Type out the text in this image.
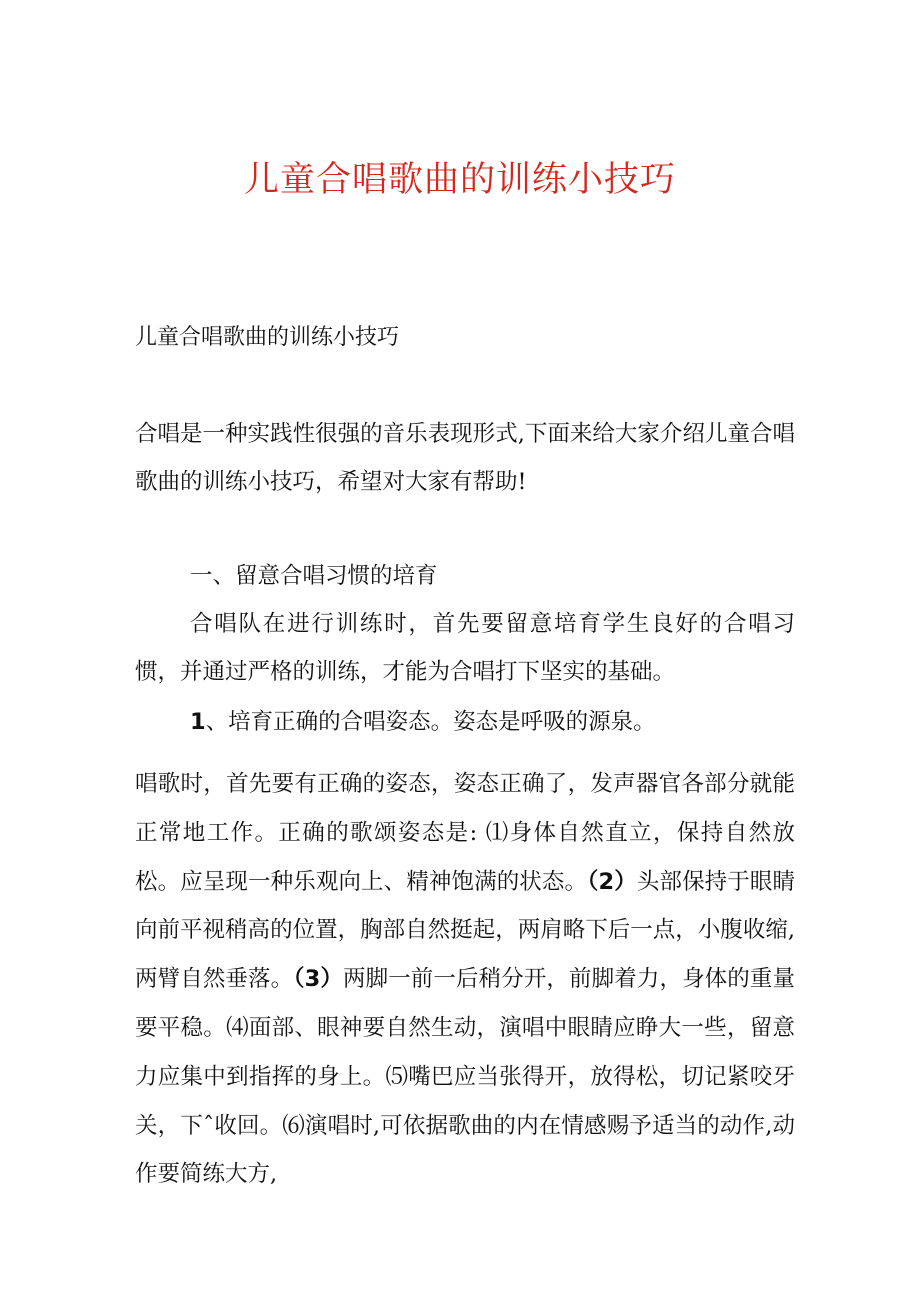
儿童合唱歌曲的训练小技巧

儿童合唱歌曲的训练小技巧

合唱是一种实践性很强的音乐表现形式,下面来给大家介绍儿童合唱歌曲的训练小技巧，希望对大家有帮助!

一、留意合唱习惯的培育

合唱队在进行训练时，首先要留意培育学生良好的合唱习惯，并通过严格的训练，才能为合唱打下坚实的基础。

1、培育正确的合唱姿态。姿态是呼吸的源泉。

唱歌时，首先要有正确的姿态，姿态正确了，发声器官各部分就能正常地工作。正确的歌颂姿态是: ⑴身体自然直立，保持自然放松。应呈现一种乐观向上、精神饱满的状态。（2）头部保持于眼睛向前平视稍高的位置，胸部自然挺起，两肩略下后一点，小腹收缩,两臂自然垂落。（3）两脚一前一后稍分开，前脚着力，身体的重量要平稳。⑷面部、眼神要自然生动，演唱中眼睛应睁大一些，留意力应集中到指挥的身上。⑸嘴巴应当张得开，放得松，切记紧咬牙关，下ˆ收回。⑹演唱时,可依据歌曲的内在情感赐予适当的动作,动作要简练大方,
